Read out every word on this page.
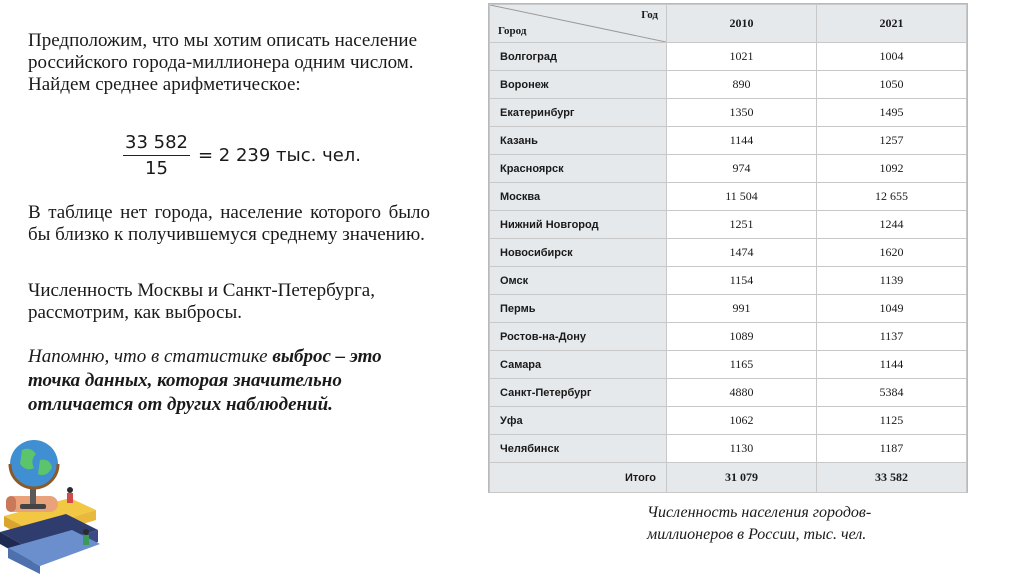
Предположим, что мы хотим описать население российского города-миллионера одним числом. Найдем среднее арифметическое:
$\frac{33 582}{15} = 2$ 239 тыс. чел.
В таблице нет города, население которого было бы близко к получившемуся среднему значению.
Численность Москвы и Санкт-Петербурга, рассмотрим, как выбросы.
Напомню, что в статистике выброс – это точка данных, которая значительно отличается от других наблюдений.
Год
Город	2010	2021
Волгоград	1021	1004
Воронеж	890	1050
Екатеринбург	1350	1495
Казань	1144	1257
Красноярск	974	1092
Москва	11 504	12 655
Нижний Новгород	1251	1244
Новосибирск	1474	1620
Омск	1154	1139
Пермь	991	1049
Ростов-на-Дону	1089	1137
Самара	1165	1144
Санкт-Петербург	4880	5384
Уфа	1062	1125
Челябинск	1130	1187
Итого	31 079	33 582
Численность населения городов-миллионеров в России, тыс. чел.
